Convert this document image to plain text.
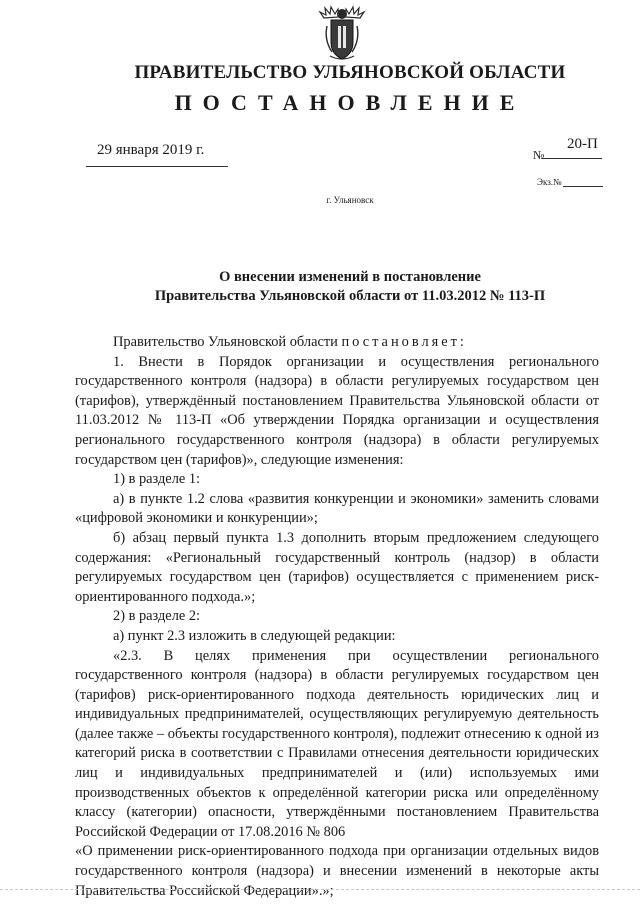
ПРАВИТЕЛЬСТВО УЛЬЯНОВСКОЙ ОБЛАСТИ
ПОСТАНОВЛЕНИЕ
29 января 2019 г.	№
20-П
Экз.№
г. Ульяновск
О внесении изменений в постановление
Правительства Ульяновской области от 11.03.2012 № 113-П

Правительство Ульяновской области постановляет:

1. Внести в Порядок организации и осуществления регионального государственного контроля (надзора) в области регулируемых государством цен (тарифов), утверждённый постановлением Правительства Ульяновской области от 11.03.2012 № 113-П «Об утверждении Порядка организации и осуществления регионального государственного контроля (надзора) в области регулируемых государством цен (тарифов)», следующие изменения:

1) в разделе 1:

а) в пункте 1.2 слова «развития конкуренции и экономики» заменить словами «цифровой экономики и конкуренции»;

б) абзац первый пункта 1.3 дополнить вторым предложением следующего содержания: «Региональный государственный контроль (надзор) в области регулируемых государством цен (тарифов) осуществляется с применением риск-ориентированного подхода.»;

2) в разделе 2:

а) пункт 2.3 изложить в следующей редакции:

«2.3. В целях применения при осуществлении регионального государственного контроля (надзора) в области регулируемых государством цен (тарифов) риск-ориентированного подхода деятельность юридических лиц и индивидуальных предпринимателей, осуществляющих регулируемую деятельность (далее также – объекты государственного контроля), подлежит отнесению к одной из категорий риска в соответствии с Правилами отнесения деятельности юридических лиц и индивидуальных предпринимателей и (или) используемых ими производственных объектов к определённой категории риска или определённому классу (категории) опасности, утверждёнными постановлением Правительства Российской Федерации от 17.08.2016 № 806

«О применении риск-ориентированного подхода при организации отдельных видов государственного контроля (надзора) и внесении изменений в некоторые акты Правительства Российской Федерации».»;
